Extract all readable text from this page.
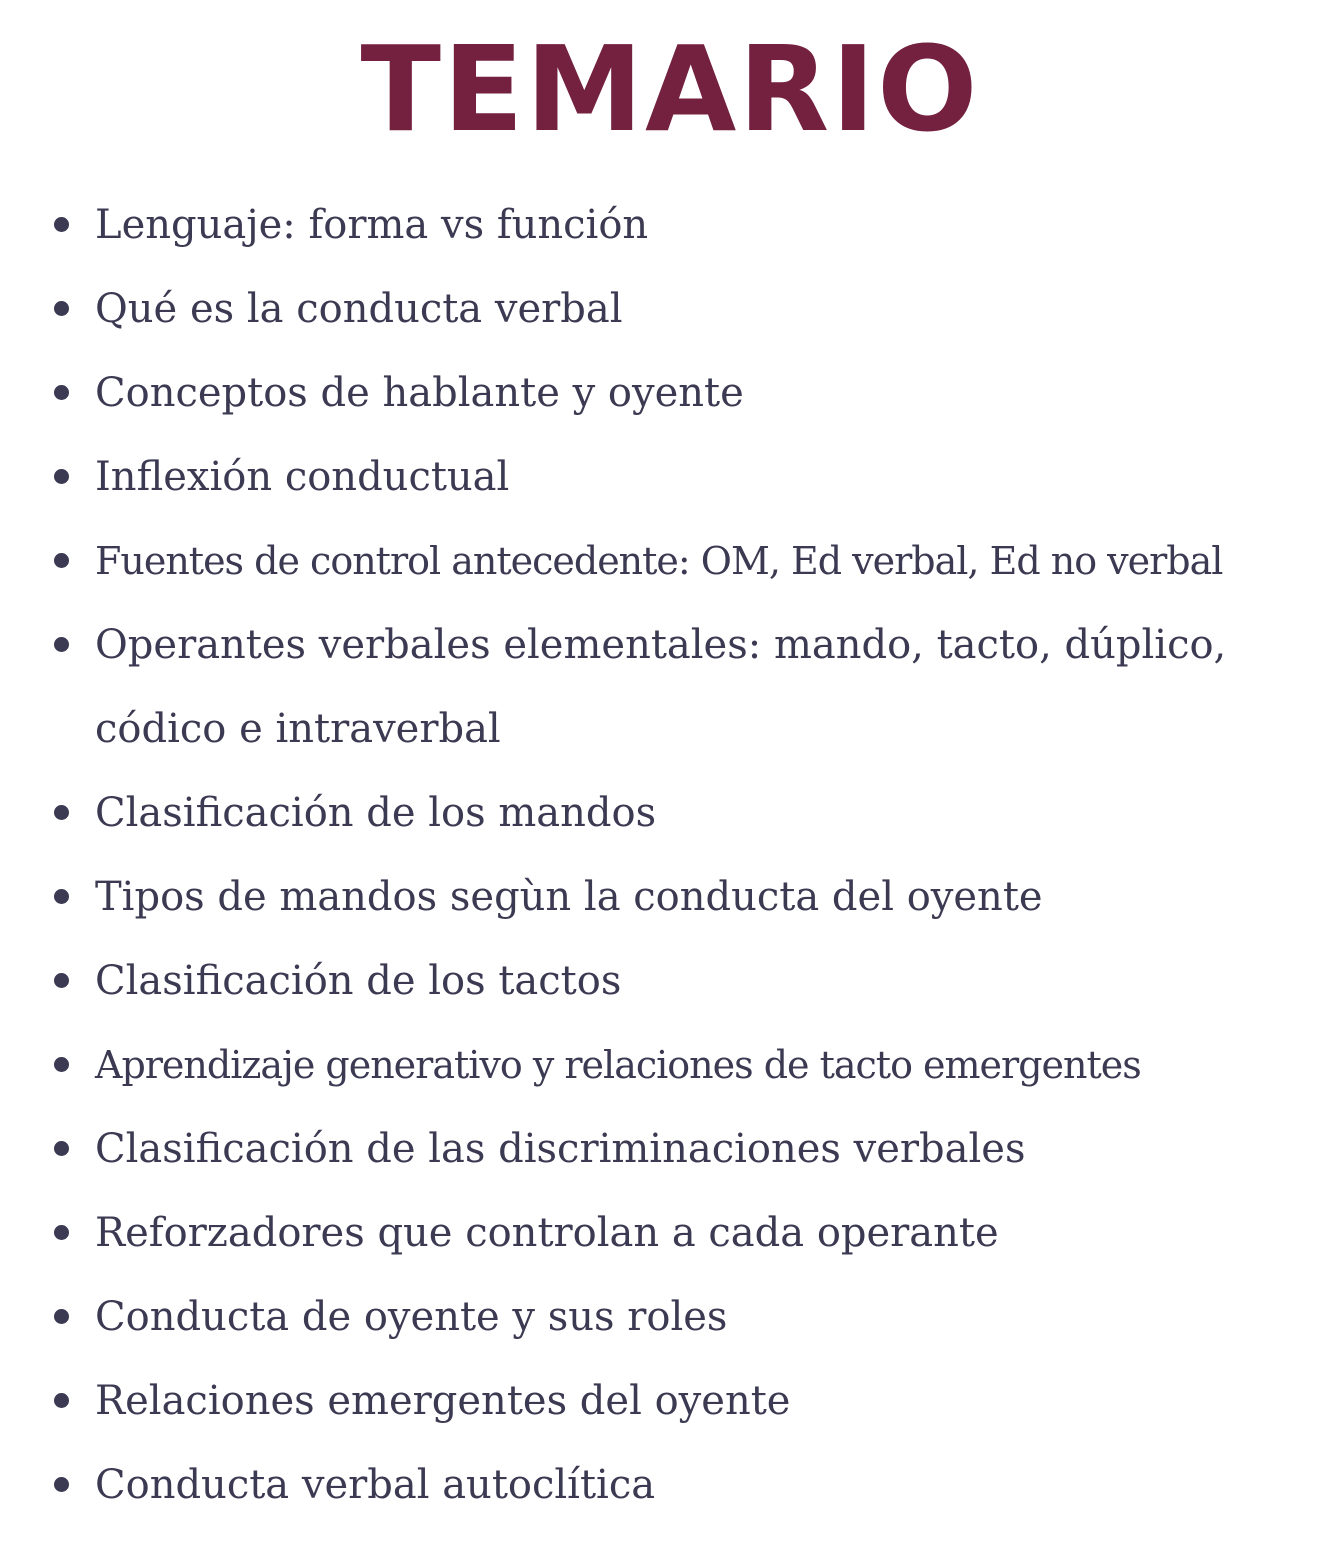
TEMARIO
Lenguaje: forma vs función
Qué es la conducta verbal
Conceptos de hablante y oyente
Inflexión conductual
Fuentes de control antecedente: OM, Ed verbal, Ed no verbal
Operantes verbales elementales: mando, tacto, dúplico, códico e intraverbal
Clasificación de los mandos
Tipos de mandos segùn la conducta del oyente
Clasificación de los tactos
Aprendizaje generativo y relaciones de tacto emergentes
Clasificación de las discriminaciones verbales
Reforzadores que controlan a cada operante
Conducta de oyente y sus roles
Relaciones emergentes del oyente
Conducta verbal autoclítica
